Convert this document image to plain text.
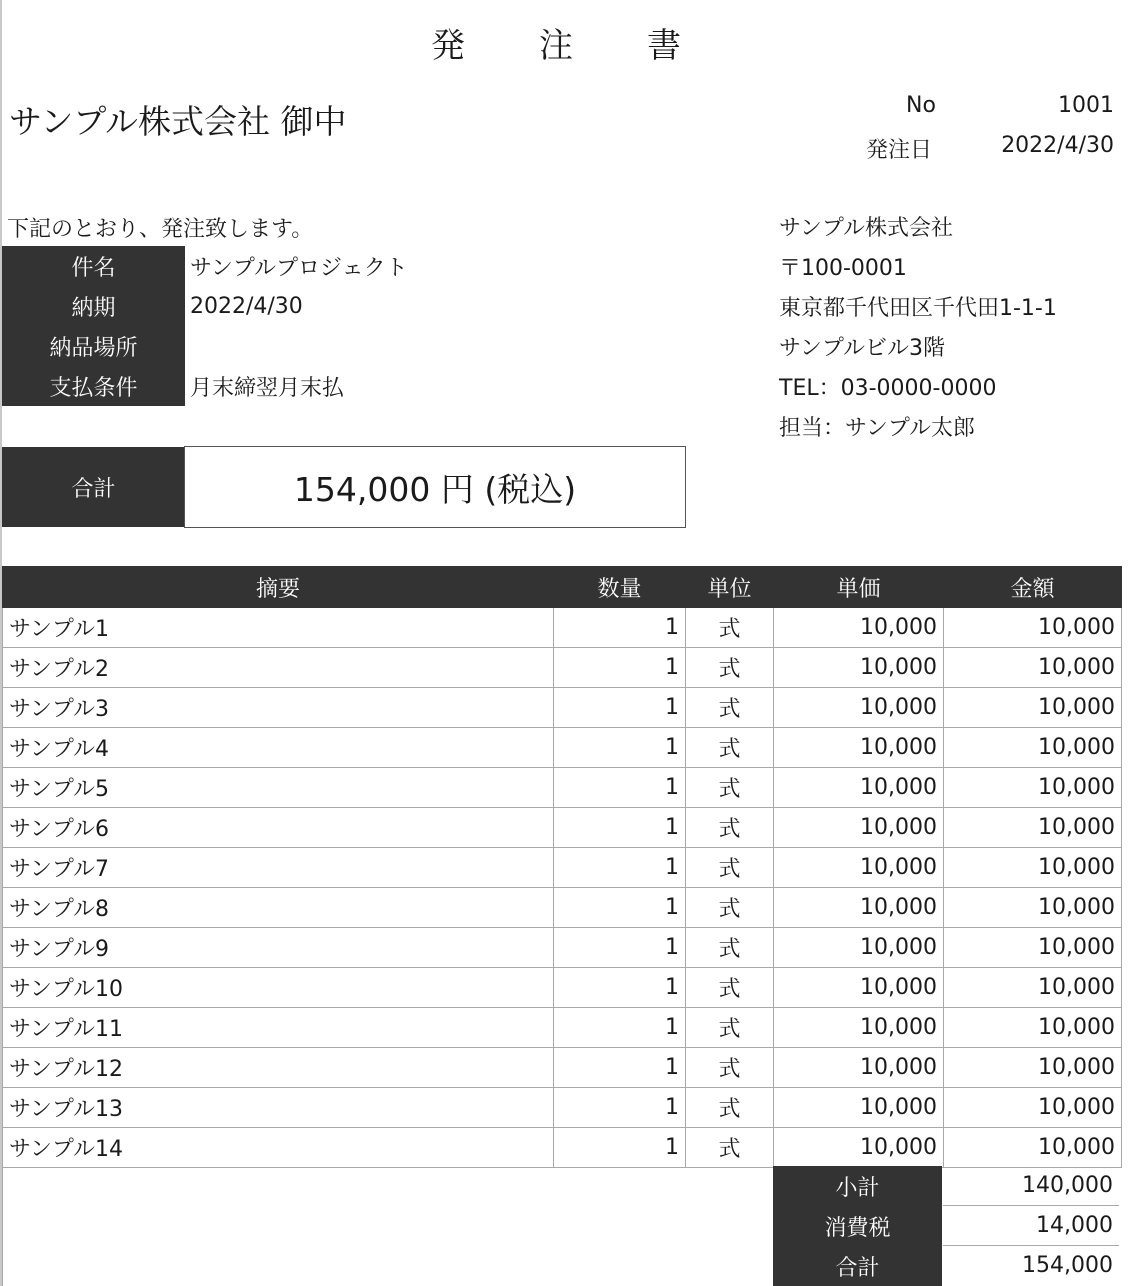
発　注　書
サンプル株式会社 御中	No	1001
発注日	2022/4/30
下記のとおり、発注致します。
件名	サンプルプロジェクト
納期	2022/4/30
納品場所
支払条件	月末締翌月末払
サンプル株式会社
〒100-0001
東京都千代田区千代田1-1-1
サンプルビル3階
TEL：03-0000-0000
担当：サンプル太郎
合計	154,000 円 (税込)
摘要	数量	単位	単価	金額
サンプル1	1	式	10,000	10,000
サンプル2	1	式	10,000	10,000
サンプル3	1	式	10,000	10,000
サンプル4	1	式	10,000	10,000
サンプル5	1	式	10,000	10,000
サンプル6	1	式	10,000	10,000
サンプル7	1	式	10,000	10,000
サンプル8	1	式	10,000	10,000
サンプル9	1	式	10,000	10,000
サンプル10	1	式	10,000	10,000
サンプル11	1	式	10,000	10,000
サンプル12	1	式	10,000	10,000
サンプル13	1	式	10,000	10,000
サンプル14	1	式	10,000	10,000
小計	140,000
消費税	14,000
合計	154,000
